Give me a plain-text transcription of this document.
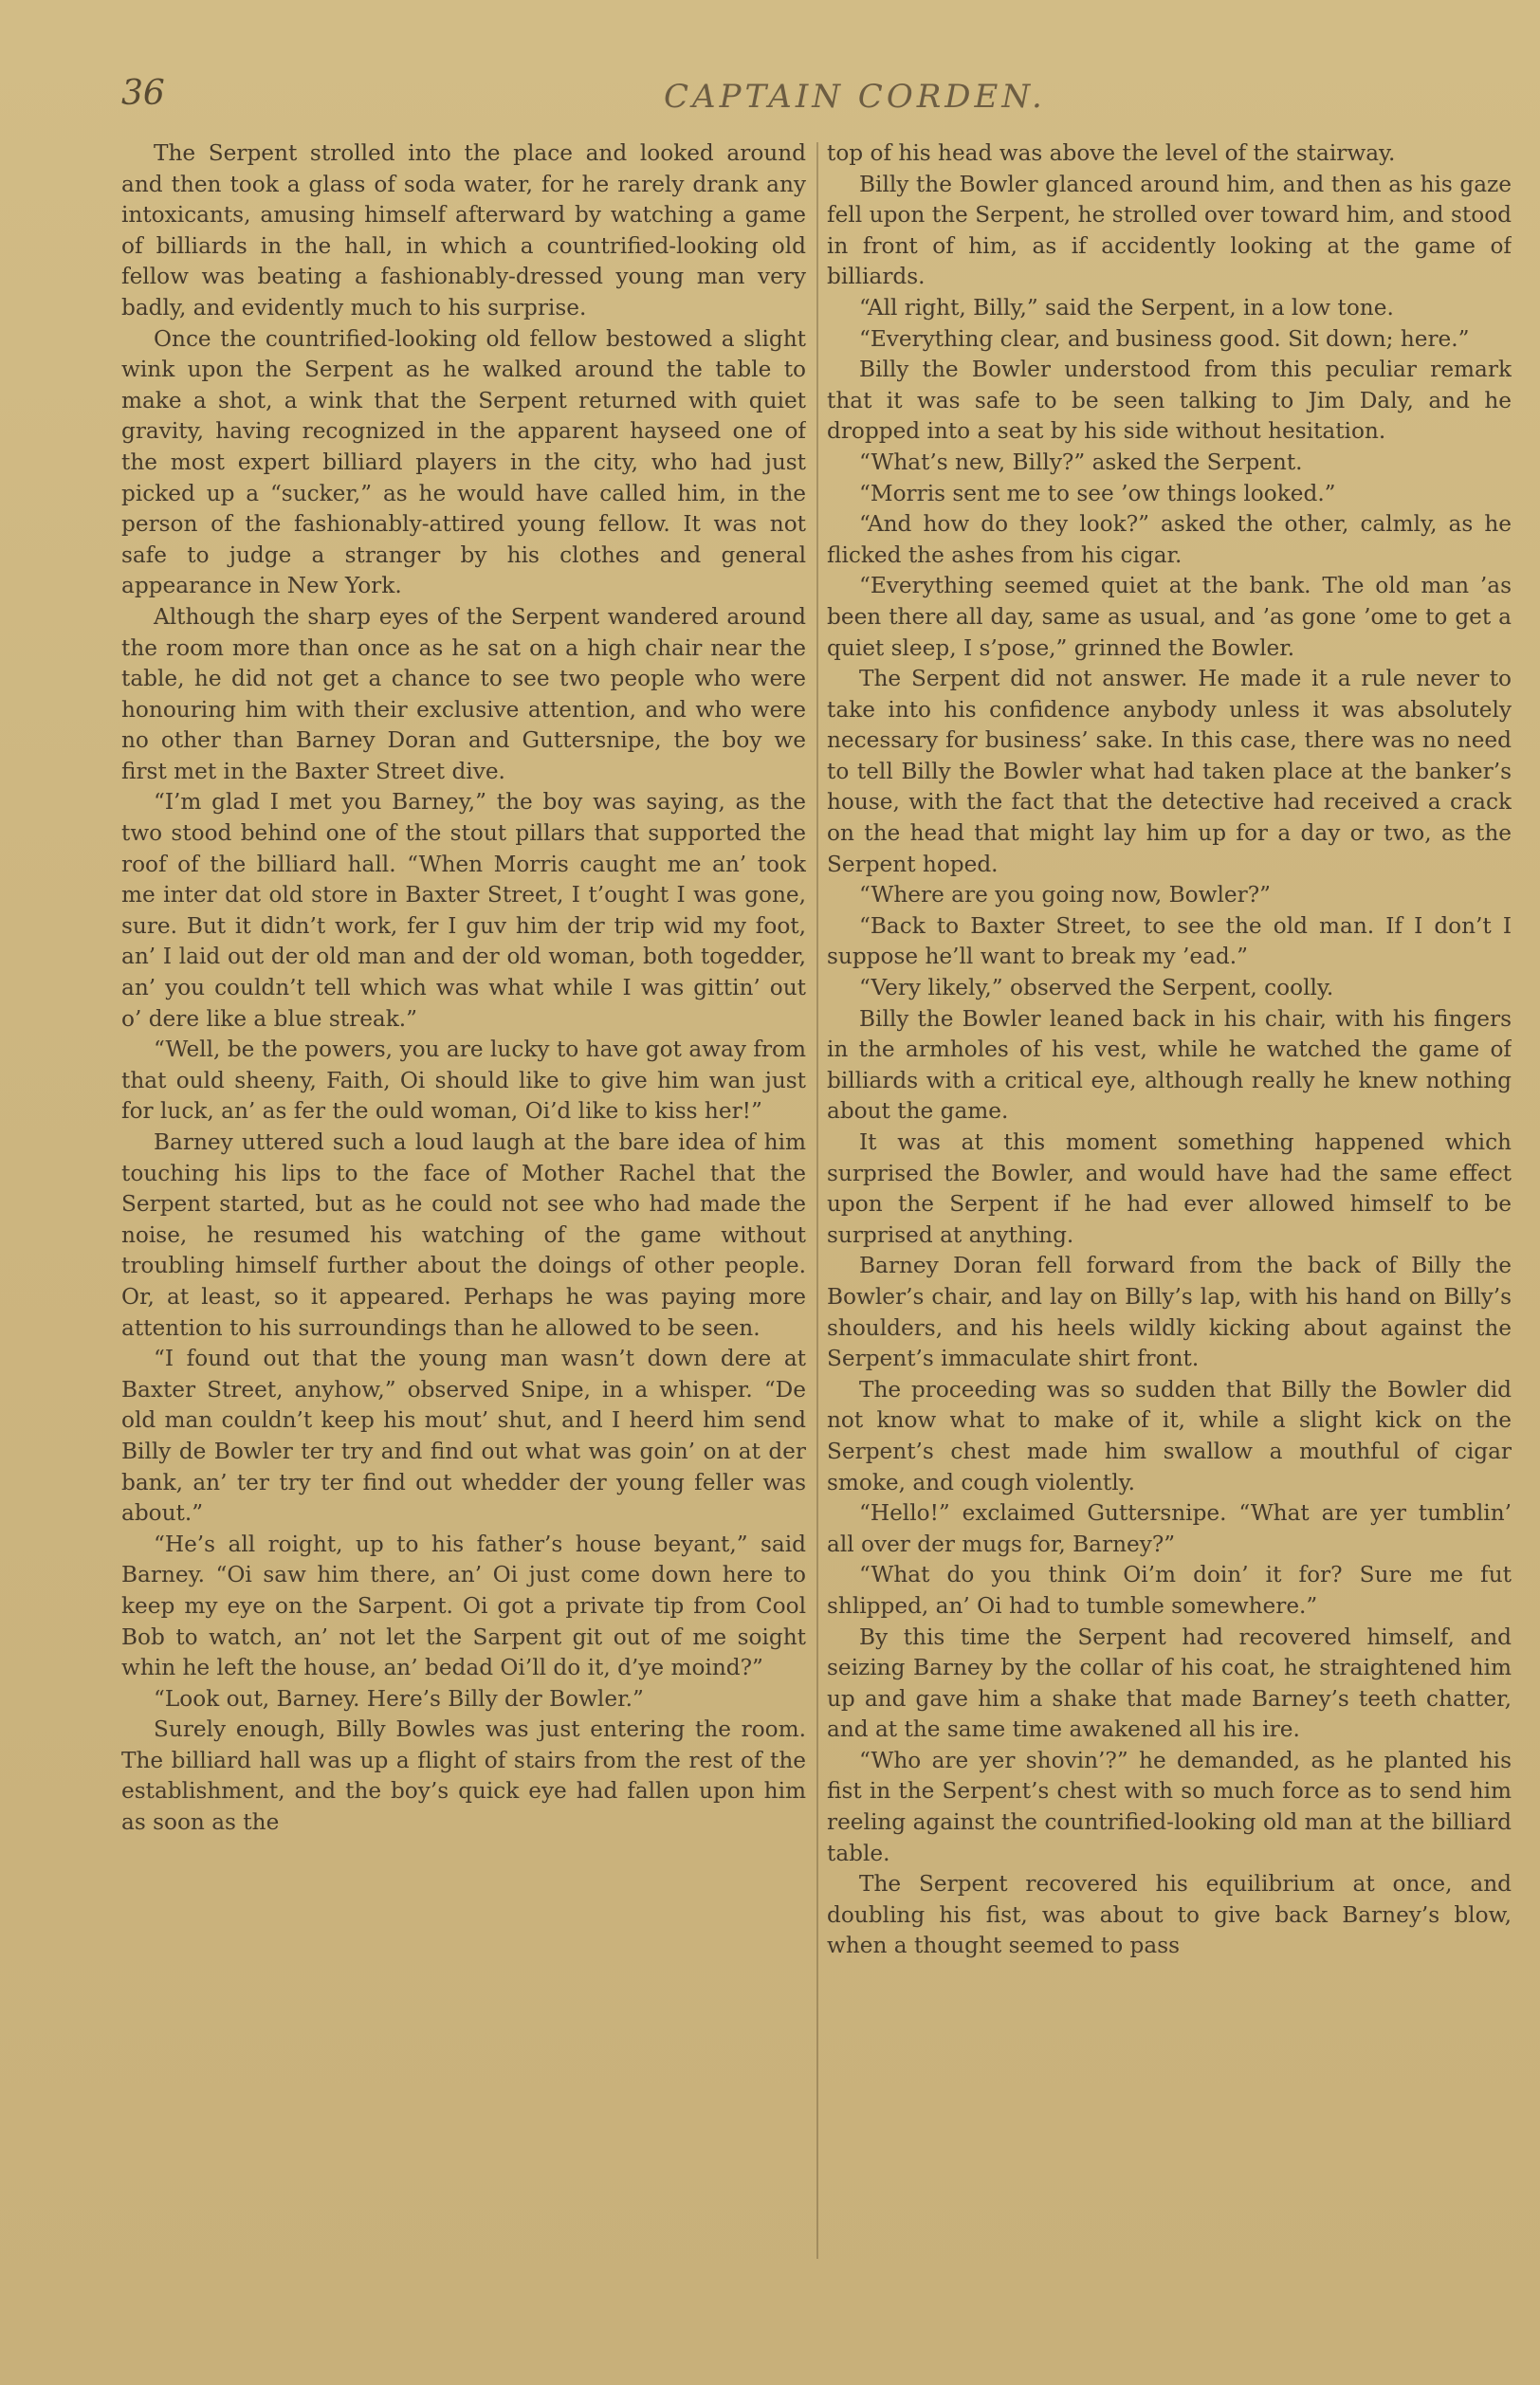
36	CAPTAIN CORDEN.

The Serpent strolled into the place and looked around and then took a glass of soda water, for he rarely drank any intoxicants, amusing himself afterward by watching a game of billiards in the hall, in which a countrified-looking old fellow was beating a fashionably-dressed young man very badly, and evidently much to his surprise.

Once the countrified-looking old fellow bestowed a slight wink upon the Serpent as he walked around the table to make a shot, a wink that the Serpent returned with quiet gravity, having recognized in the apparent hayseed one of the most expert billiard players in the city, who had just picked up a “sucker,” as he would have called him, in the person of the fashionably-attired young fellow. It was not safe to judge a stranger by his clothes and general appearance in New York.

Although the sharp eyes of the Serpent wandered around the room more than once as he sat on a high chair near the table, he did not get a chance to see two people who were honouring him with their exclusive attention, and who were no other than Barney Doran and Guttersnipe, the boy we first met in the Baxter Street dive.

“I’m glad I met you Barney,” the boy was saying, as the two stood behind one of the stout pillars that supported the roof of the billiard hall. “When Morris caught me an’ took me inter dat old store in Baxter Street, I t’ought I was gone, sure. But it didn’t work, fer I guv him der trip wid my foot, an’ I laid out der old man and der old woman, both togedder, an’ you couldn’t tell which was what while I was gittin’ out o’ dere like a blue streak.”

“Well, be the powers, you are lucky to have got away from that ould sheeny, Faith, Oi should like to give him wan just for luck, an’ as fer the ould woman, Oi’d like to kiss her!”

Barney uttered such a loud laugh at the bare idea of him touching his lips to the face of Mother Rachel that the Serpent started, but as he could not see who had made the noise, he resumed his watching of the game without troubling himself further about the doings of other people. Or, at least, so it appeared. Perhaps he was paying more attention to his surroundings than he allowed to be seen.

“I found out that the young man wasn’t down dere at Baxter Street, anyhow,” observed Snipe, in a whisper. “De old man couldn’t keep his mout’ shut, and I heerd him send Billy de Bowler ter try and find out what was goin’ on at der bank, an’ ter try ter find out whedder der young feller was about.”

“He’s all roight, up to his father’s house beyant,” said Barney. “Oi saw him there, an’ Oi just come down here to keep my eye on the Sarpent. Oi got a private tip from Cool Bob to watch, an’ not let the Sarpent git out of me soight whin he left the house, an’ bedad Oi’ll do it, d’ye moind?”

“Look out, Barney. Here’s Billy der Bowler.”

Surely enough, Billy Bowles was just entering the room. The billiard hall was up a flight of stairs from the rest of the establishment, and the boy’s quick eye had fallen upon him as soon as the

top of his head was above the level of the stairway.

Billy the Bowler glanced around him, and then as his gaze fell upon the Serpent, he strolled over toward him, and stood in front of him, as if accidently looking at the game of billiards.

“All right, Billy,” said the Serpent, in a low tone.

“Everything clear, and business good. Sit down; here.”

Billy the Bowler understood from this peculiar remark that it was safe to be seen talking to Jim Daly, and he dropped into a seat by his side without hesitation.

“What’s new, Billy?” asked the Serpent.

“Morris sent me to see ’ow things looked.”

“And how do they look?” asked the other, calmly, as he flicked the ashes from his cigar.

“Everything seemed quiet at the bank. The old man ’as been there all day, same as usual, and ’as gone ’ome to get a quiet sleep, I s’pose,” grinned the Bowler.

The Serpent did not answer. He made it a rule never to take into his confidence anybody unless it was absolutely necessary for business’ sake. In this case, there was no need to tell Billy the Bowler what had taken place at the banker’s house, with the fact that the detective had received a crack on the head that might lay him up for a day or two, as the Serpent hoped.

“Where are you going now, Bowler?”

“Back to Baxter Street, to see the old man. If I don’t I suppose he’ll want to break my ’ead.”

“Very likely,” observed the Serpent, coolly.

Billy the Bowler leaned back in his chair, with his fingers in the armholes of his vest, while he watched the game of billiards with a critical eye, although really he knew nothing about the game.

It was at this moment something happened which surprised the Bowler, and would have had the same effect upon the Serpent if he had ever allowed himself to be surprised at anything.

Barney Doran fell forward from the back of Billy the Bowler’s chair, and lay on Billy’s lap, with his hand on Billy’s shoulders, and his heels wildly kicking about against the Serpent’s immaculate shirt front.

The proceeding was so sudden that Billy the Bowler did not know what to make of it, while a slight kick on the Serpent’s chest made him swallow a mouthful of cigar smoke, and cough violently.

“Hello!” exclaimed Guttersnipe. “What are yer tumblin’ all over der mugs for, Barney?”

“What do you think Oi’m doin’ it for? Sure me fut shlipped, an’ Oi had to tumble somewhere.”

By this time the Serpent had recovered himself, and seizing Barney by the collar of his coat, he straightened him up and gave him a shake that made Barney’s teeth chatter, and at the same time awakened all his ire.

“Who are yer shovin’?” he demanded, as he planted his fist in the Serpent’s chest with so much force as to send him reeling against the countrified-looking old man at the billiard table.

The Serpent recovered his equilibrium at once, and doubling his fist, was about to give back Barney’s blow, when a thought seemed to pass
